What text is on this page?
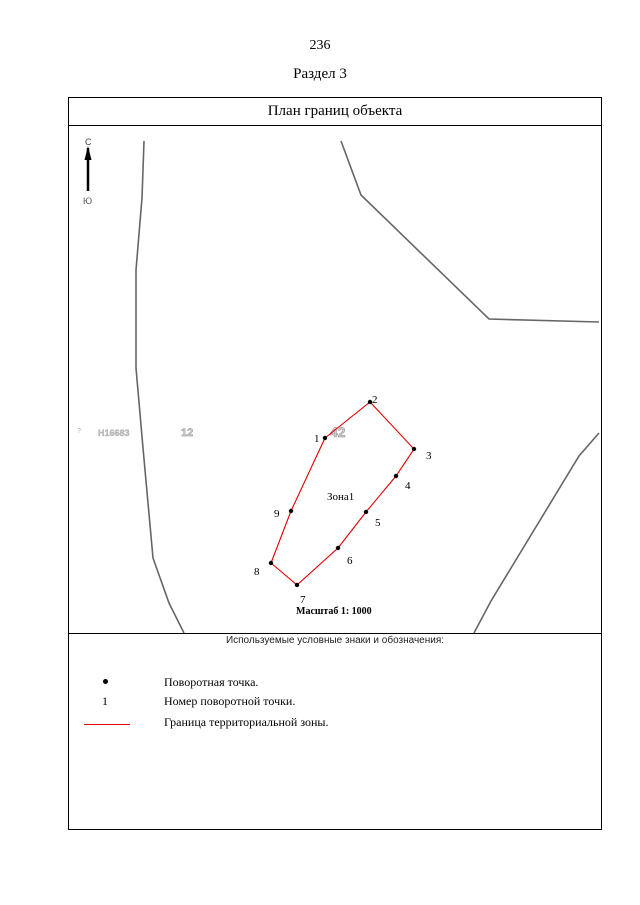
236
Раздел 3
План границ объекта
С
Ю
? Н16683	12	42
Зона1
Масштаб 1: 1000
1
2
3
4
5
6
7
8
9
Используемые условные знаки и обозначения:
Поворотная точка.
1	Номер поворотной точки.
Граница территориальной зоны.
